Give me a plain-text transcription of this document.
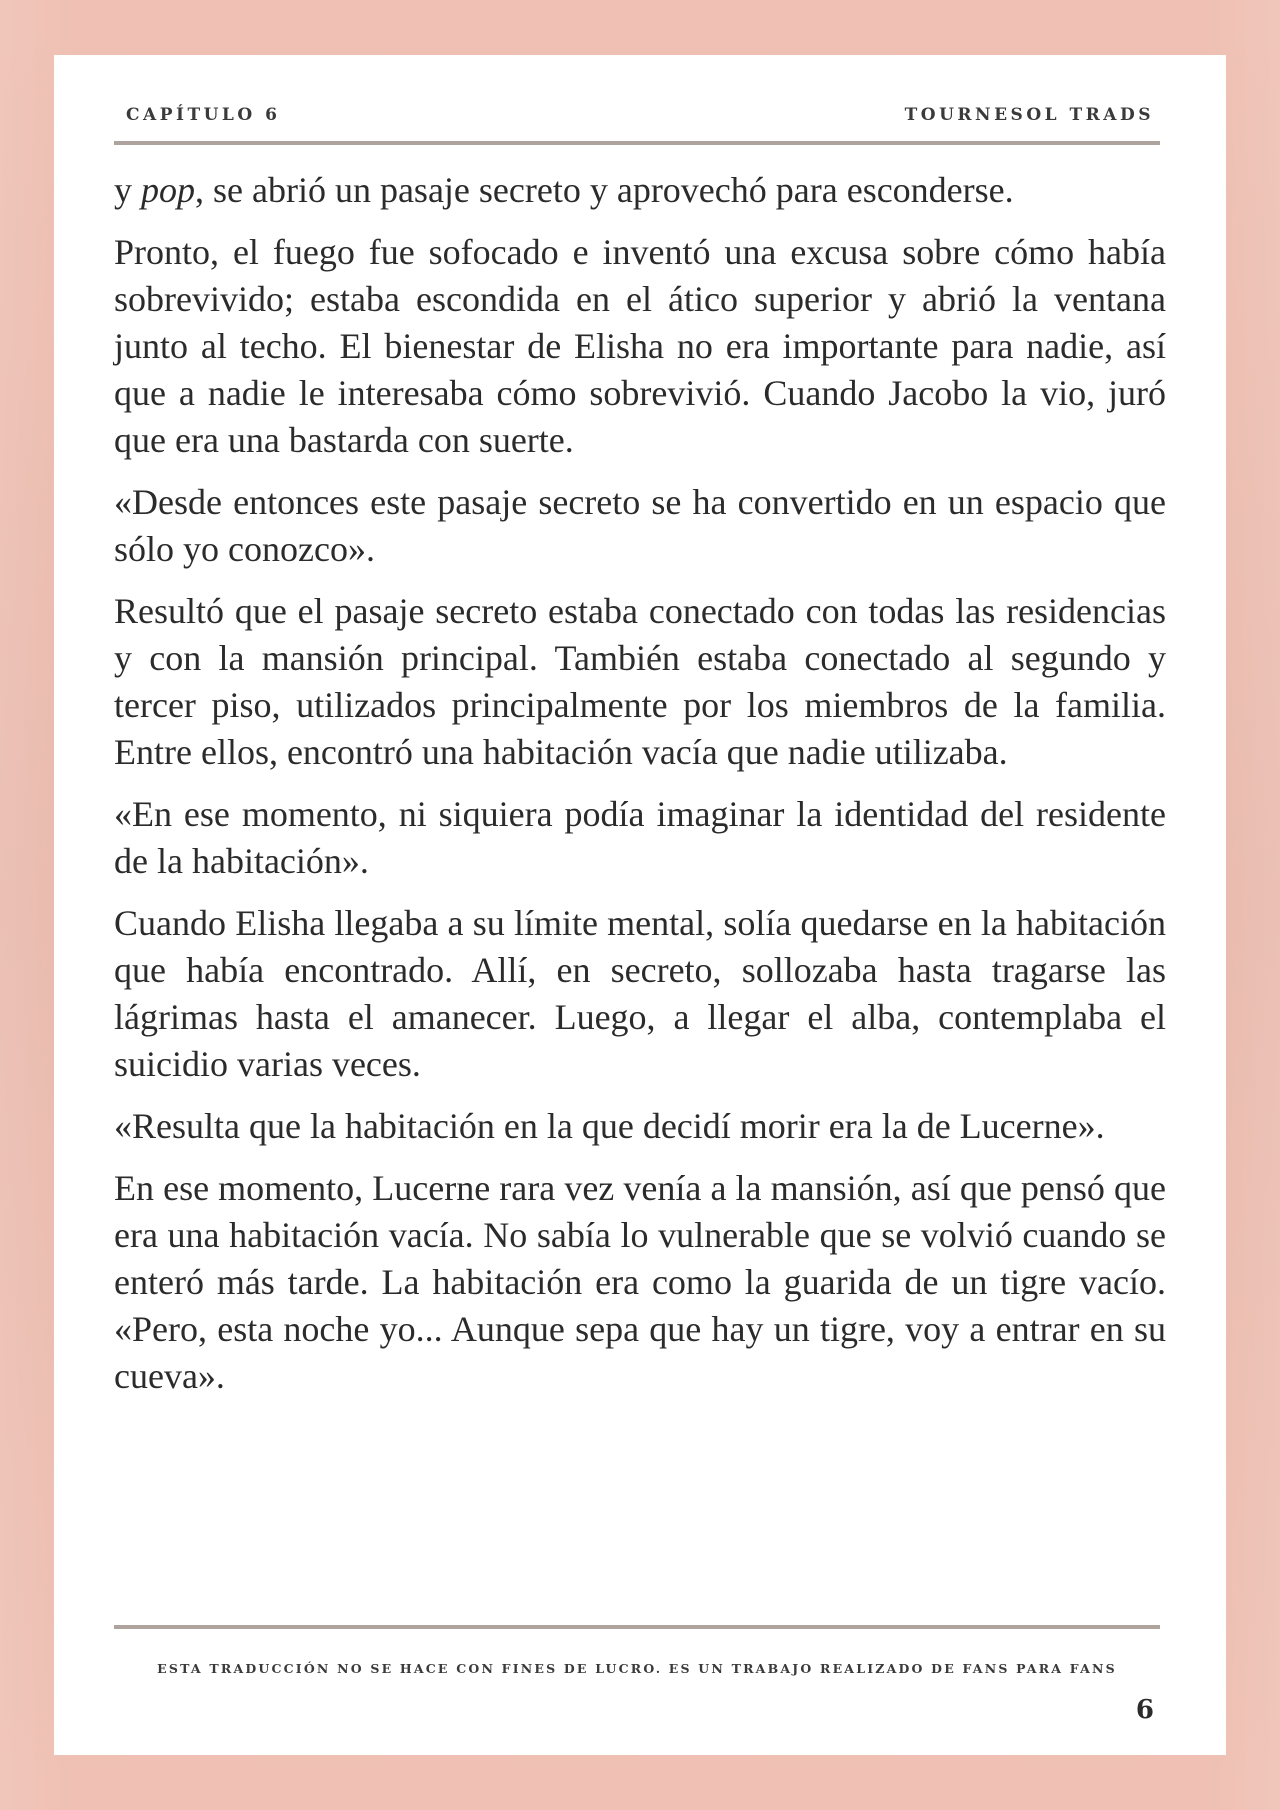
CAPÍTULO 6	TOURNESOL TRADS

y pop, se abrió un pasaje secreto y aprovechó para esconderse.

Pronto, el fuego fue sofocado e inventó una excusa sobre cómo había sobrevivido; estaba escondida en el ático superior y abrió la ventana junto al techo. El bienestar de Elisha no era importante para nadie, así que a nadie le interesaba cómo sobrevivió. Cuando Jacobo la vio, juró que era una bastarda con suerte.

«Desde entonces este pasaje secreto se ha convertido en un espacio que sólo yo conozco».

Resultó que el pasaje secreto estaba conectado con todas las residencias y con la mansión principal. También estaba conectado al segundo y tercer piso, utilizados principalmente por los miembros de la familia. Entre ellos, encontró una habitación vacía que nadie utilizaba.

«En ese momento, ni siquiera podía imaginar la identidad del residente de la habitación».

Cuando Elisha llegaba a su límite mental, solía quedarse en la habitación que había encontrado. Allí, en secreto, sollozaba hasta tragarse las lágrimas hasta el amanecer. Luego, a llegar el alba, contemplaba el suicidio varias veces.

«Resulta que la habitación en la que decidí morir era la de Lucerne».

En ese momento, Lucerne rara vez venía a la mansión, así que pensó que era una habitación vacía. No sabía lo vulnerable que se volvió cuando se enteró más tarde. La habitación era como la guarida de un tigre vacío. «Pero, esta noche yo... Aunque sepa que hay un tigre, voy a entrar en su cueva».

ESTA TRADUCCIÓN NO SE HACE CON FINES DE LUCRO. ES UN TRABAJO REALIZADO DE FANS PARA FANS
6
